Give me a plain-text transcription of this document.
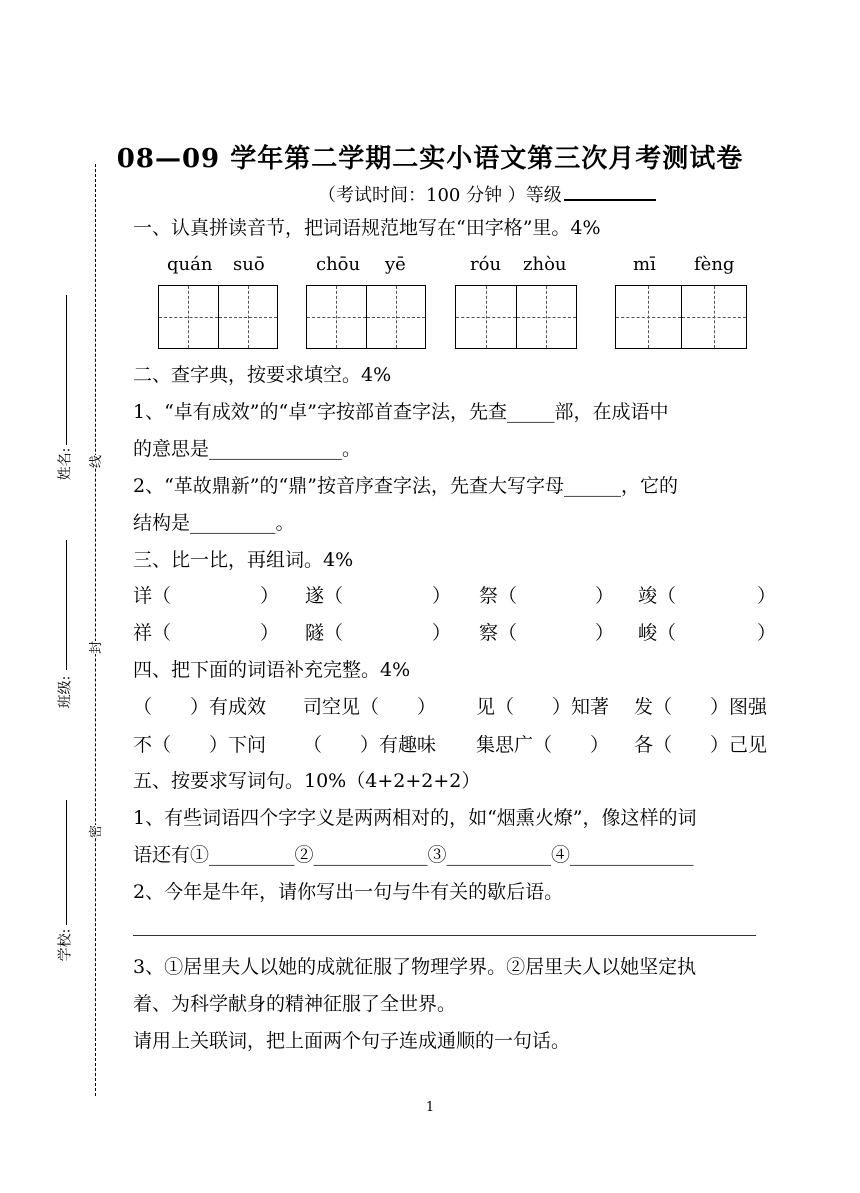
姓名:
班级:
学校:
线
封
密
08—09 学年第二学期二实小语文第三次月考测试卷
（考试时间：100 分钟 ）等级
一、认真拼读音节，把词语规范地写在“田字格”里。4%
quán suō	chōu yē	róu zhòu	mī fèng
二、查字典，按要求填空。4%
1、“卓有成效”的“卓”字按部首查字法，先查_____部，在成语中
的意思是______________。
2、“革故鼎新”的“鼎”按音序查字法，先查大写字母______，它的
结构是_________。
三、比一比，再组词。4%
详（	） 遂（	） 祭（	） 竣（	）
祥（	） 隧（	） 察（	） 峻（	）
四、把下面的词语补充完整。4%
（　　）有成效 司空见（　　） 见（　　）知著 发（　　）图强
不（　　）下问 （　　）有趣味 集思广（　　） 各（　　）己见
五、按要求写词句。10%（4+2+2+2）
1、有些词语四个字字义是两两相对的，如“烟熏火燎”，像这样的词
语还有①_________②____________③___________④_____________
2、今年是牛年，请你写出一句与牛有关的歇后语。
3、①居里夫人以她的成就征服了物理学界。②居里夫人以她坚定执
着、为科学献身的精神征服了全世界。
请用上关联词，把上面两个句子连成通顺的一句话。
1
